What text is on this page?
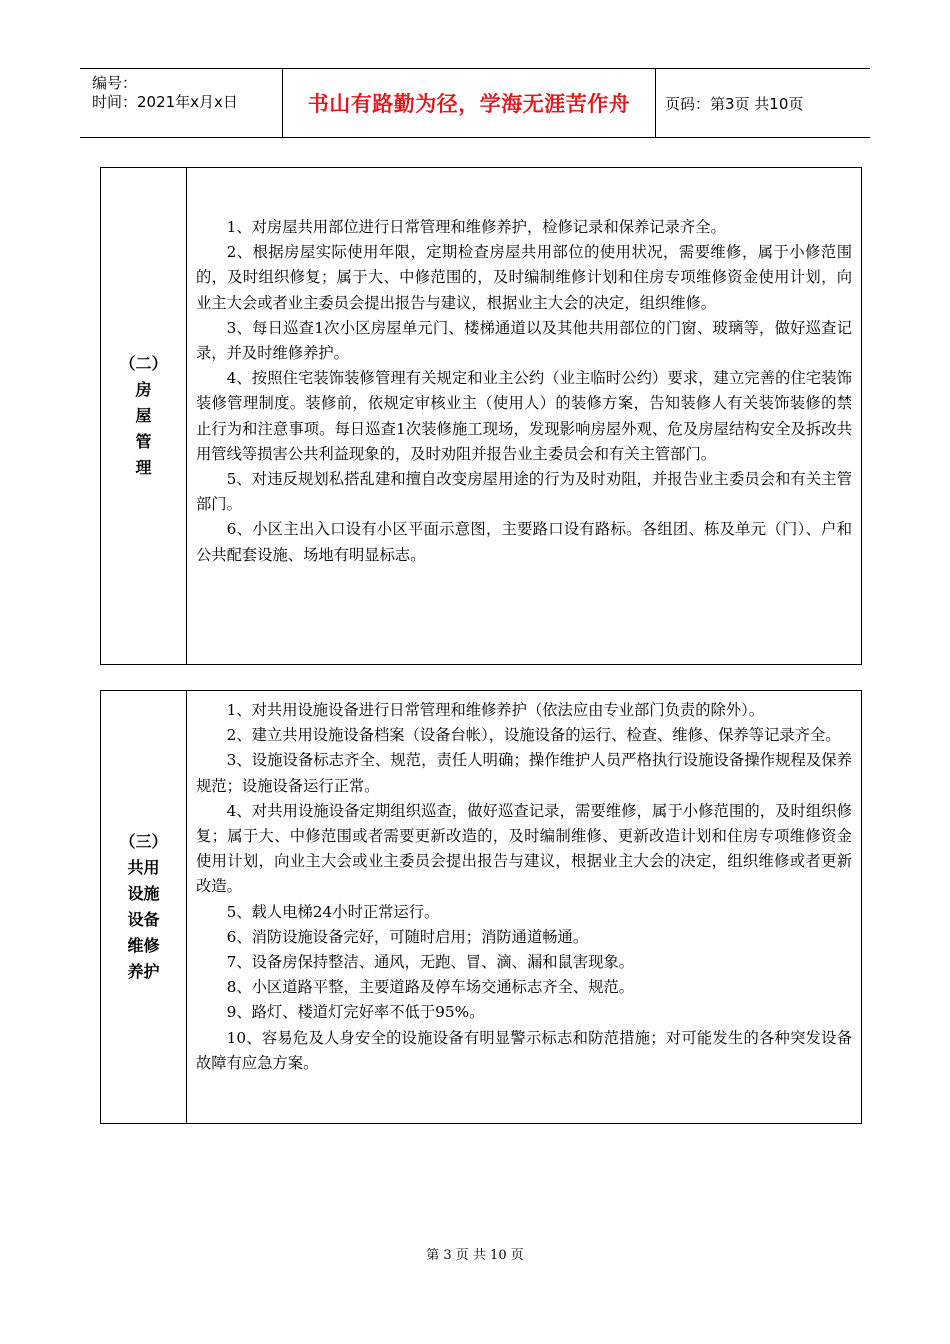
编号：
时间：2021年x月x日	书山有路勤为径，学海无涯苦作舟 页码：第3页 共10页
（二）
房
屋
管
理

1、对房屋共用部位进行日常管理和维修养护，检修记录和保养记录齐全。

2、根据房屋实际使用年限，定期检查房屋共用部位的使用状况，需要维修，属于小修范围的，及时组织修复；属于大、中修范围的，及时编制维修计划和住房专项维修资金使用计划，向业主大会或者业主委员会提出报告与建议，根据业主大会的决定，组织维修。

3、每日巡查1次小区房屋单元门、楼梯通道以及其他共用部位的门窗、玻璃等，做好巡查记录，并及时维修养护。

4、按照住宅装饰装修管理有关规定和业主公约（业主临时公约）要求，建立完善的住宅装饰装修管理制度。装修前，依规定审核业主（使用人）的装修方案，告知装修人有关装饰装修的禁止行为和注意事项。每日巡查1次装修施工现场，发现影响房屋外观、危及房屋结构安全及拆改共用管线等损害公共利益现象的，及时劝阻并报告业主委员会和有关主管部门。

5、对违反规划私搭乱建和擅自改变房屋用途的行为及时劝阻，并报告业主委员会和有关主管部门。

6、小区主出入口设有小区平面示意图，主要路口设有路标。各组团、栋及单元（门）、户和公共配套设施、场地有明显标志。

（三）
共用
设施
设备
维修
养护

1、对共用设施设备进行日常管理和维修养护（依法应由专业部门负责的除外）。

2、建立共用设施设备档案（设备台帐），设施设备的运行、检查、维修、保养等记录齐全。

3、设施设备标志齐全、规范，责任人明确；操作维护人员严格执行设施设备操作规程及保养规范；设施设备运行正常。

4、对共用设施设备定期组织巡查，做好巡查记录，需要维修，属于小修范围的，及时组织修复；属于大、中修范围或者需要更新改造的，及时编制维修、更新改造计划和住房专项维修资金使用计划，向业主大会或业主委员会提出报告与建议，根据业主大会的决定，组织维修或者更新改造。

5、载人电梯24小时正常运行。

6、消防设施设备完好，可随时启用；消防通道畅通。

7、设备房保持整洁、通风，无跑、冒、滴、漏和鼠害现象。

8、小区道路平整，主要道路及停车场交通标志齐全、规范。

9、路灯、楼道灯完好率不低于95%。

10、容易危及人身安全的设施设备有明显警示标志和防范措施；对可能发生的各种突发设备故障有应急方案。

第 3 页 共 10 页
